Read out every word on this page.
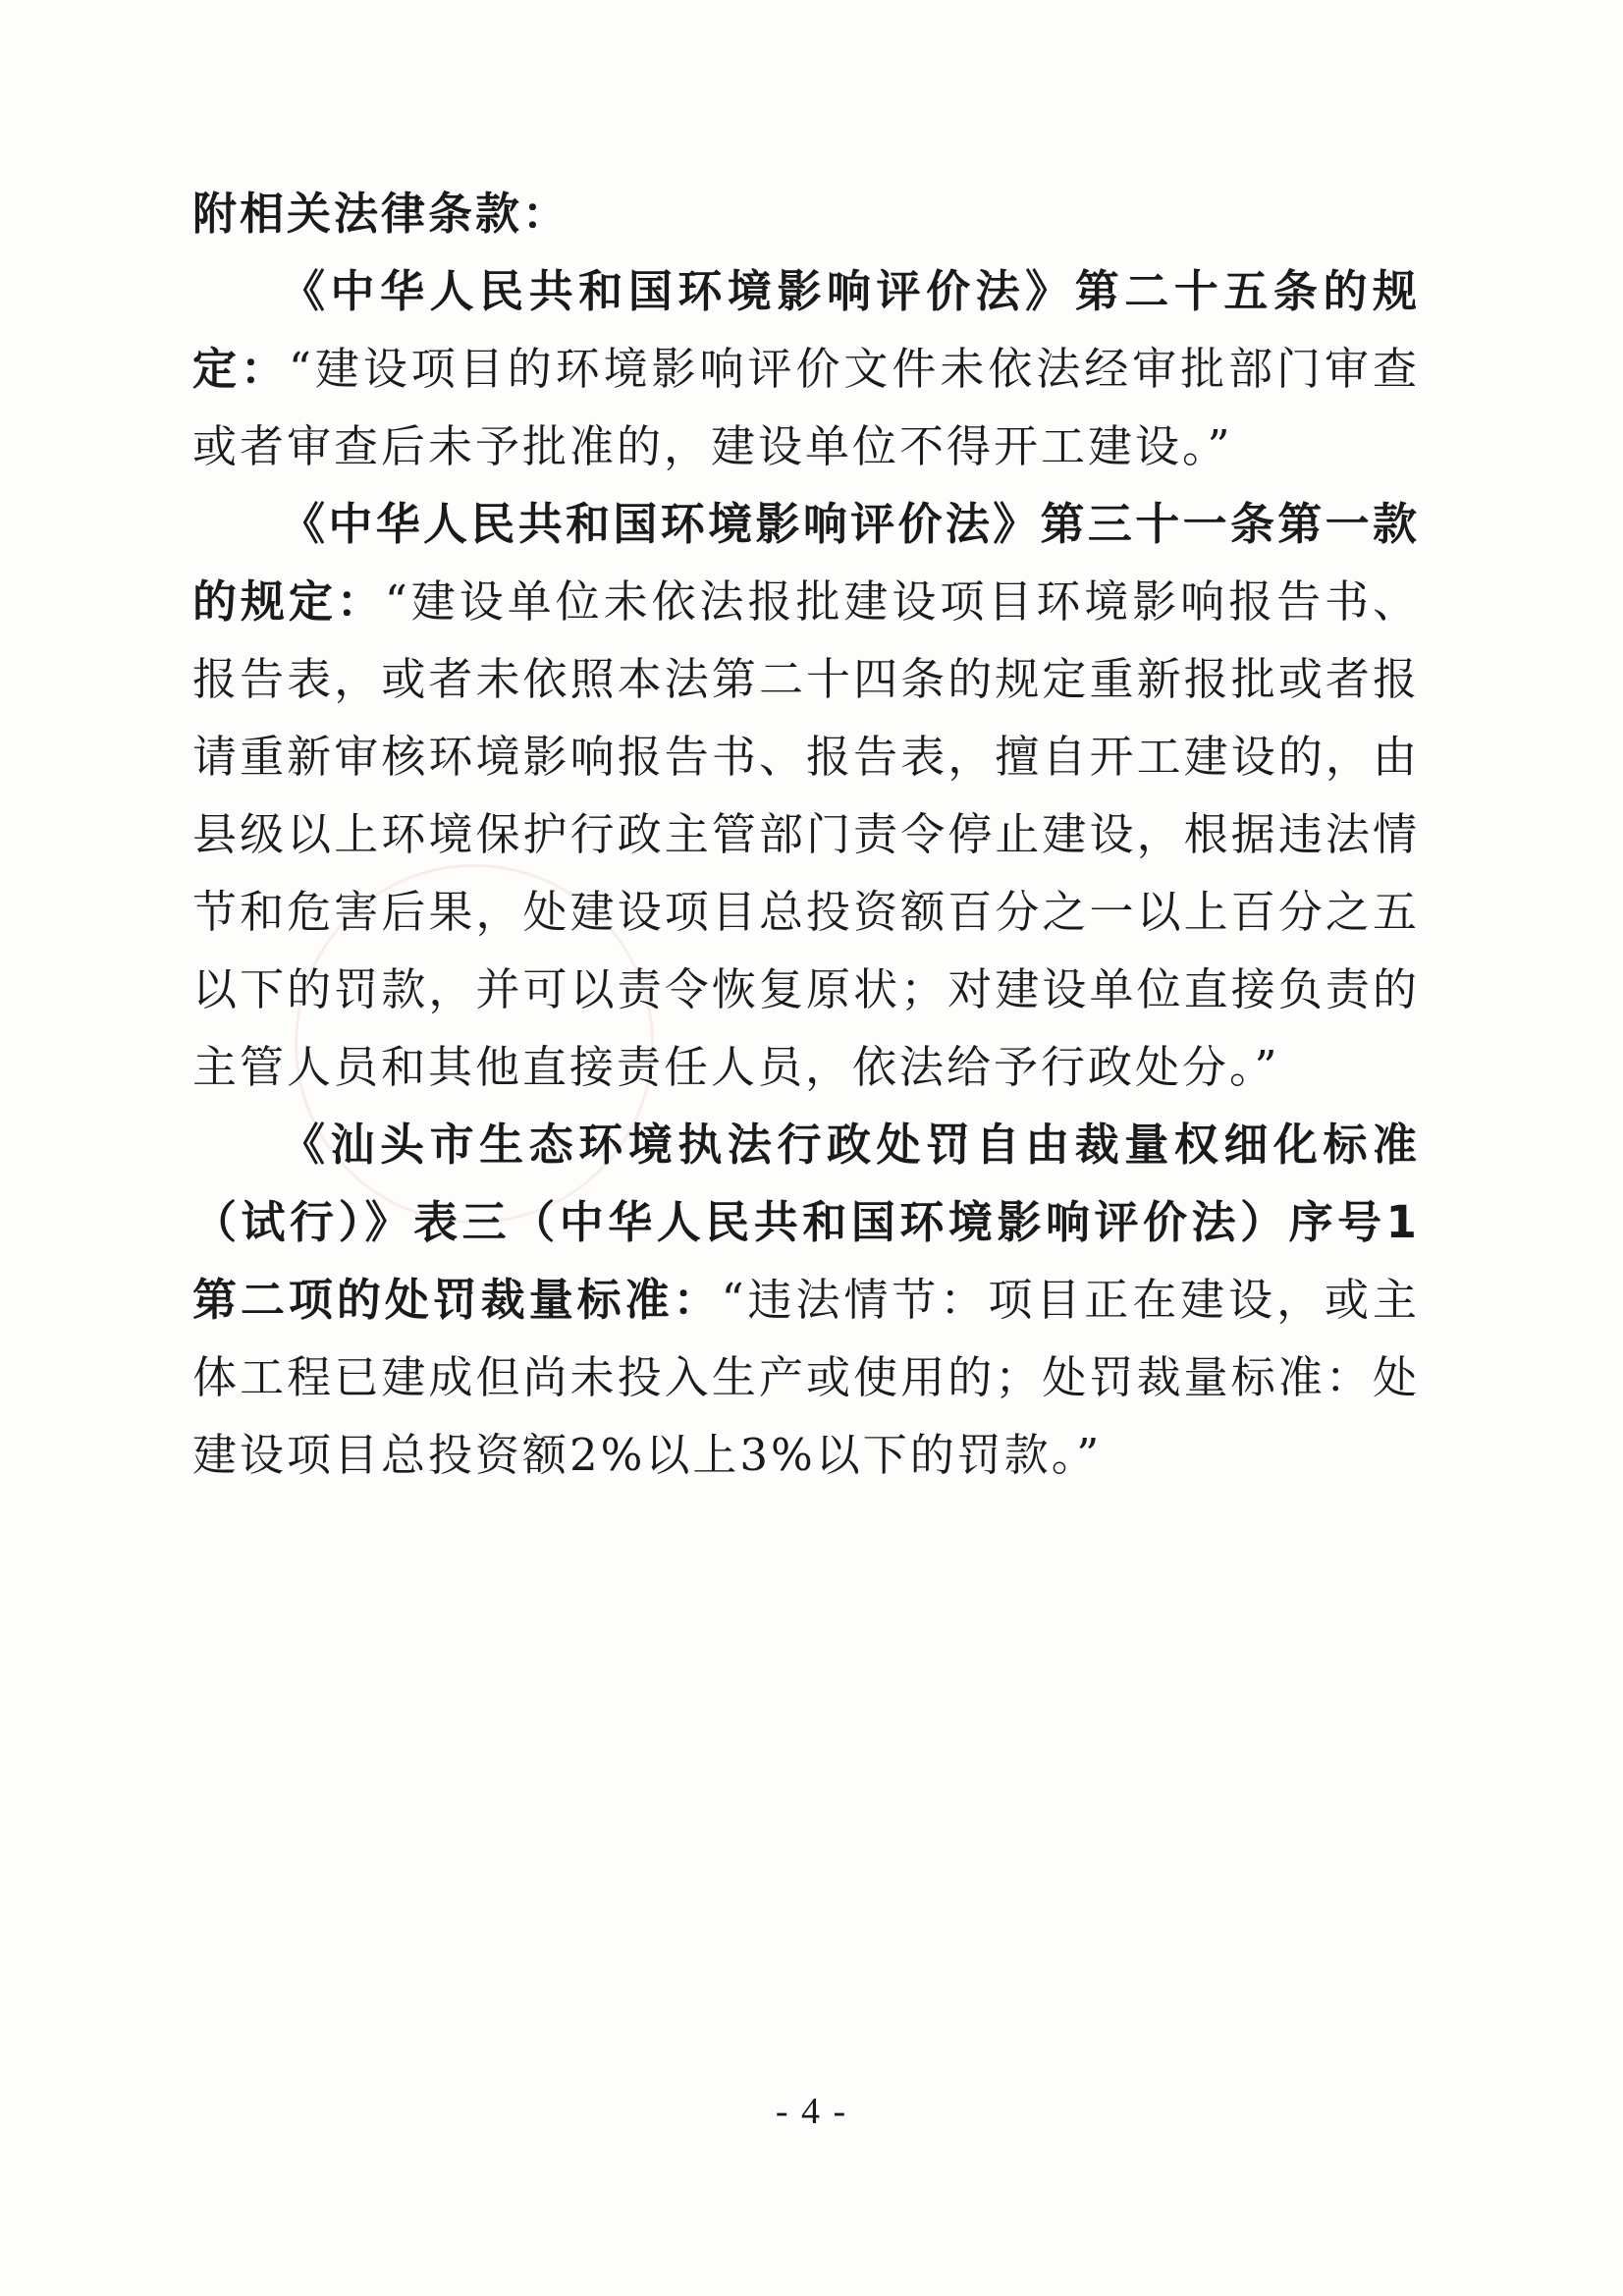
附相关法律条款：

《中华人民共和国环境影响评价法》第二十五条的规定：“建设项目的环境影响评价文件未依法经审批部门审查或者审查后未予批准的，建设单位不得开工建设。”

《中华人民共和国环境影响评价法》第三十一条第一款的规定：“建设单位未依法报批建设项目环境影响报告书、报告表，或者未依照本法第二十四条的规定重新报批或者报请重新审核环境影响报告书、报告表，擅自开工建设的，由县级以上环境保护行政主管部门责令停止建设，根据违法情节和危害后果，处建设项目总投资额百分之一以上百分之五以下的罚款，并可以责令恢复原状；对建设单位直接负责的主管人员和其他直接责任人员，依法给予行政处分。”

《汕头市生态环境执法行政处罚自由裁量权细化标准（试行）》表三（中华人民共和国环境影响评价法）序号1第二项的处罚裁量标准：“违法情节：项目正在建设，或主体工程已建成但尚未投入生产或使用的；处罚裁量标准：处建设项目总投资额2%以上3%以下的罚款。”

- 4 -
